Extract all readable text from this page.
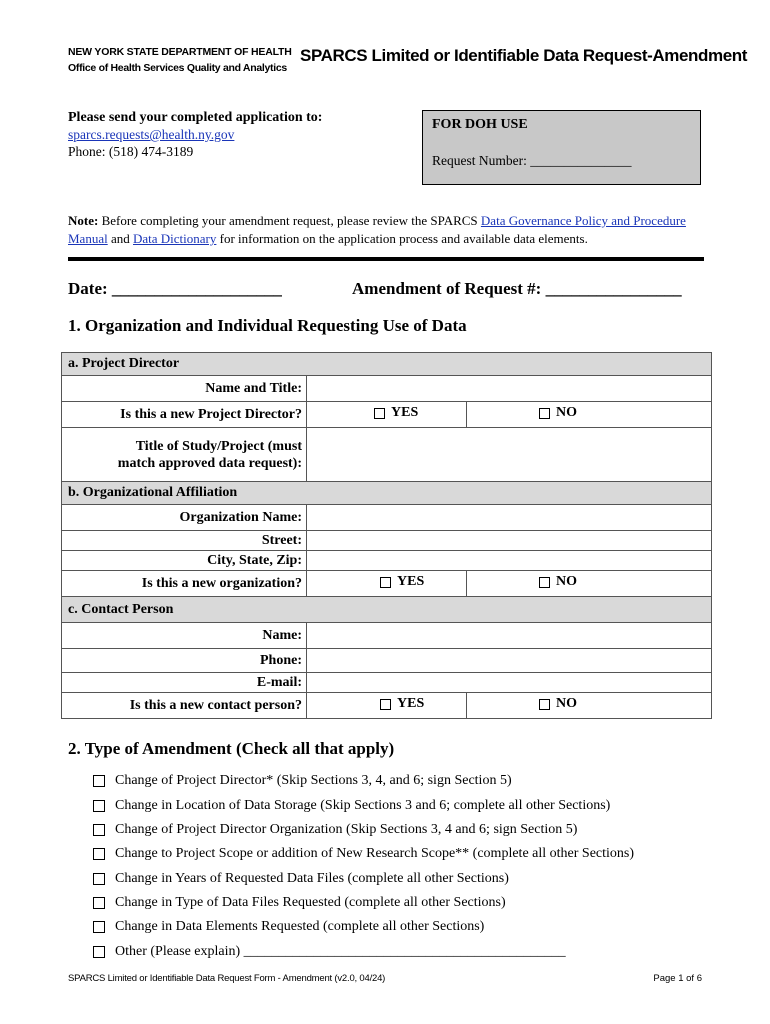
NEW YORK STATE DEPARTMENT OF HEALTH
Office of Health Services Quality and Analytics
SPARCS Limited or Identifiable Data Request-Amendment
Please send your completed application to:
sparcs.requests@health.ny.gov
Phone: (518) 474-3189
FOR DOH USE
Request Number: _______________
Note: Before completing your amendment request, please review the SPARCS Data Governance Policy and Procedure Manual and Data Dictionary for information on the application process and available data elements.
Date: ____________________	Amendment of Request #: ________________
1. Organization and Individual Requesting Use of Data
a. Project Director		
Name and Title:		
Is this a new Project Director?	YES	NO

Title of Study/Project (must
match approved data request):		
b. Organizational Affiliation		
Organization Name:		
Street:		
City, State, Zip:		
Is this a new organization?	YES	NO

c. Contact Person		
Name:		
Phone:		
E-mail:		
Is this a new contact person?	YES	NO
2. Type of Amendment (Check all that apply)
Change of Project Director* (Skip Sections 3, 4, and 6; sign Section 5)
Change in Location of Data Storage (Skip Sections 3 and 6; complete all other Sections)
Change of Project Director Organization (Skip Sections 3, 4 and 6; sign Section 5)
Change to Project Scope or addition of New Research Scope** (complete all other Sections)
Change in Years of Requested Data Files (complete all other Sections)
Change in Type of Data Files Requested (complete all other Sections)
Change in Data Elements Requested (complete all other Sections)
Other (Please explain) ______________________________________________
SPARCS Limited or Identifiable Data Request Form - Amendment (v2.0, 04/24)	Page 1 of 6
